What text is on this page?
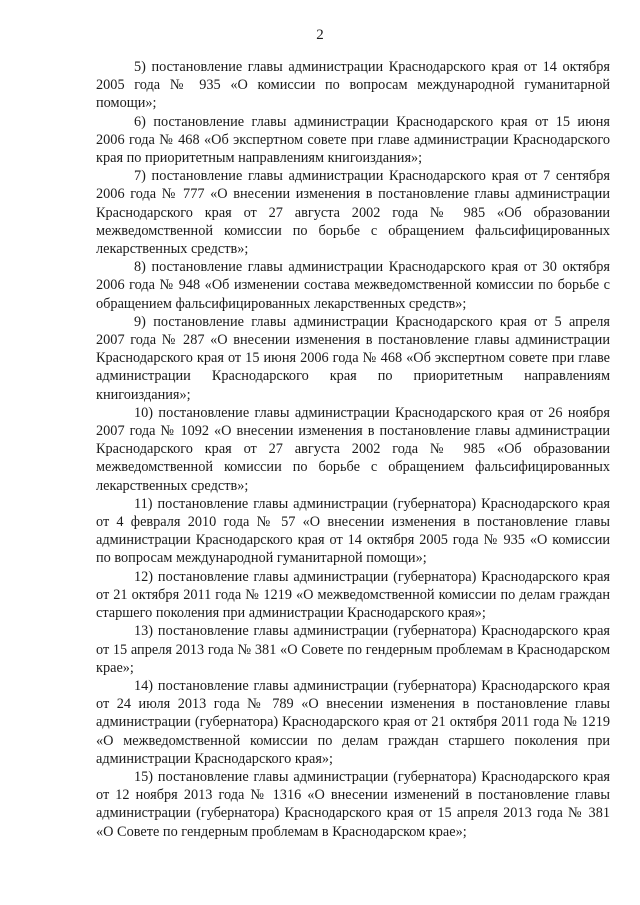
2

5) постановление главы администрации Краснодарского края от 14 октября 2005 года № 935 «О комиссии по вопросам международной гуманитарной помощи»;

6) постановление главы администрации Краснодарского края от 15 июня 2006 года № 468 «Об экспертном совете при главе администрации Краснодарского края по приоритетным направлениям книгоиздания»;

7) постановление главы администрации Краснодарского края от 7 сентября 2006 года № 777 «О внесении изменения в постановление главы администрации Краснодарского края от 27 августа 2002 года № 985 «Об образовании межведомственной комиссии по борьбе с обращением фальсифицированных лекарственных средств»;

8) постановление главы администрации Краснодарского края от 30 октября 2006 года № 948 «Об изменении состава межведомственной комиссии по борьбе с обращением фальсифицированных лекарственных средств»;

9) постановление главы администрации Краснодарского края от 5 апреля 2007 года № 287 «О внесении изменения в постановление главы администрации Краснодарского края от 15 июня 2006 года № 468 «Об экспертном совете при главе администрации Краснодарского края по приоритетным направлениям книгоиздания»;

10) постановление главы администрации Краснодарского края от 26 ноября 2007 года № 1092 «О внесении изменения в постановление главы администрации Краснодарского края от 27 августа 2002 года № 985 «Об образовании межведомственной комиссии по борьбе с обращением фальсифицированных лекарственных средств»;

11) постановление главы администрации (губернатора) Краснодарского края от 4 февраля 2010 года № 57 «О внесении изменения в постановление главы администрации Краснодарского края от 14 октября 2005 года № 935 «О комиссии по вопросам международной гуманитарной помощи»;

12) постановление главы администрации (губернатора) Краснодарского края от 21 октября 2011 года № 1219 «О межведомственной комиссии по делам граждан старшего поколения при администрации Краснодарского края»;

13) постановление главы администрации (губернатора) Краснодарского края от 15 апреля 2013 года № 381 «О Совете по гендерным проблемам в Краснодарском крае»;

14) постановление главы администрации (губернатора) Краснодарского края от 24 июля 2013 года № 789 «О внесении изменения в постановление главы администрации (губернатора) Краснодарского края от 21 октября 2011 года № 1219 «О межведомственной комиссии по делам граждан старшего поколения при администрации Краснодарского края»;

15) постановление главы администрации (губернатора) Краснодарского края от 12 ноября 2013 года № 1316 «О внесении изменений в постановление главы администрации (губернатора) Краснодарского края от 15 апреля 2013 года № 381 «О Совете по гендерным проблемам в Краснодарском крае»;
